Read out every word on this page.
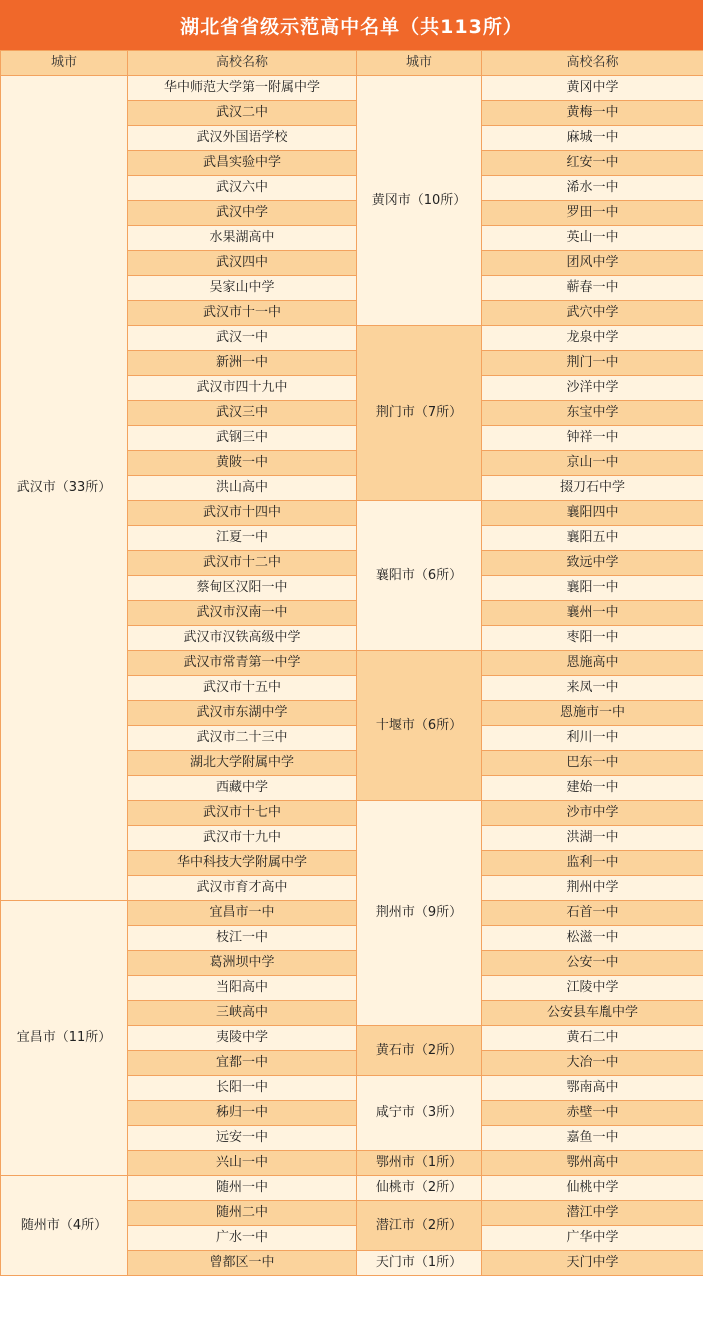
湖北省省级示范高中名单（共113所）
城市	高校名称	城市	高校名称
武汉市（33所）	华中师范大学第一附属中学	黄冈市（10所）	黄冈中学
	武汉二中		黄梅一中
	武汉外国语学校		麻城一中
	武昌实验中学		红安一中
	武汉六中		浠水一中
	武汉中学		罗田一中
	水果湖高中		英山一中
	武汉四中		团风中学
	吴家山中学		蕲春一中
	武汉市十一中		武穴中学
	武汉一中	荆门市（7所）	龙泉中学
	新洲一中		荆门一中
	武汉市四十九中		沙洋中学
	武汉三中		东宝中学
	武钢三中		钟祥一中
	黄陂一中		京山一中
	洪山高中		掇刀石中学
	武汉市十四中	襄阳市（6所）	襄阳四中
	江夏一中		襄阳五中
	武汉市十二中		致远中学
	蔡甸区汉阳一中		襄阳一中
	武汉市汉南一中		襄州一中
	武汉市汉铁高级中学		枣阳一中
	武汉市常青第一中学	十堰市（6所）	恩施高中
	武汉市十五中		来凤一中
	武汉市东湖中学		恩施市一中
	武汉市二十三中		利川一中
	湖北大学附属中学		巴东一中
	西藏中学		建始一中
	武汉市十七中	荆州市（9所）	沙市中学
	武汉市十九中		洪湖一中
	华中科技大学附属中学		监利一中
	武汉市育才高中		荆州中学
宜昌市（11所）	宜昌市一中		石首一中
	枝江一中		松滋一中
	葛洲坝中学		公安一中
	当阳高中		江陵中学
	三峡高中		公安县车胤中学
	夷陵中学	黄石市（2所）	黄石二中
	宜都一中		大冶一中
	长阳一中	咸宁市（3所）	鄂南高中
	秭归一中		赤壁一中
	远安一中		嘉鱼一中
	兴山一中	鄂州市（1所）	鄂州高中
随州市（4所）	随州一中	仙桃市（2所）	仙桃中学
	随州二中	潜江市（2所）	潜江中学
	广水一中		广华中学
	曾都区一中	天门市（1所）	天门中学
